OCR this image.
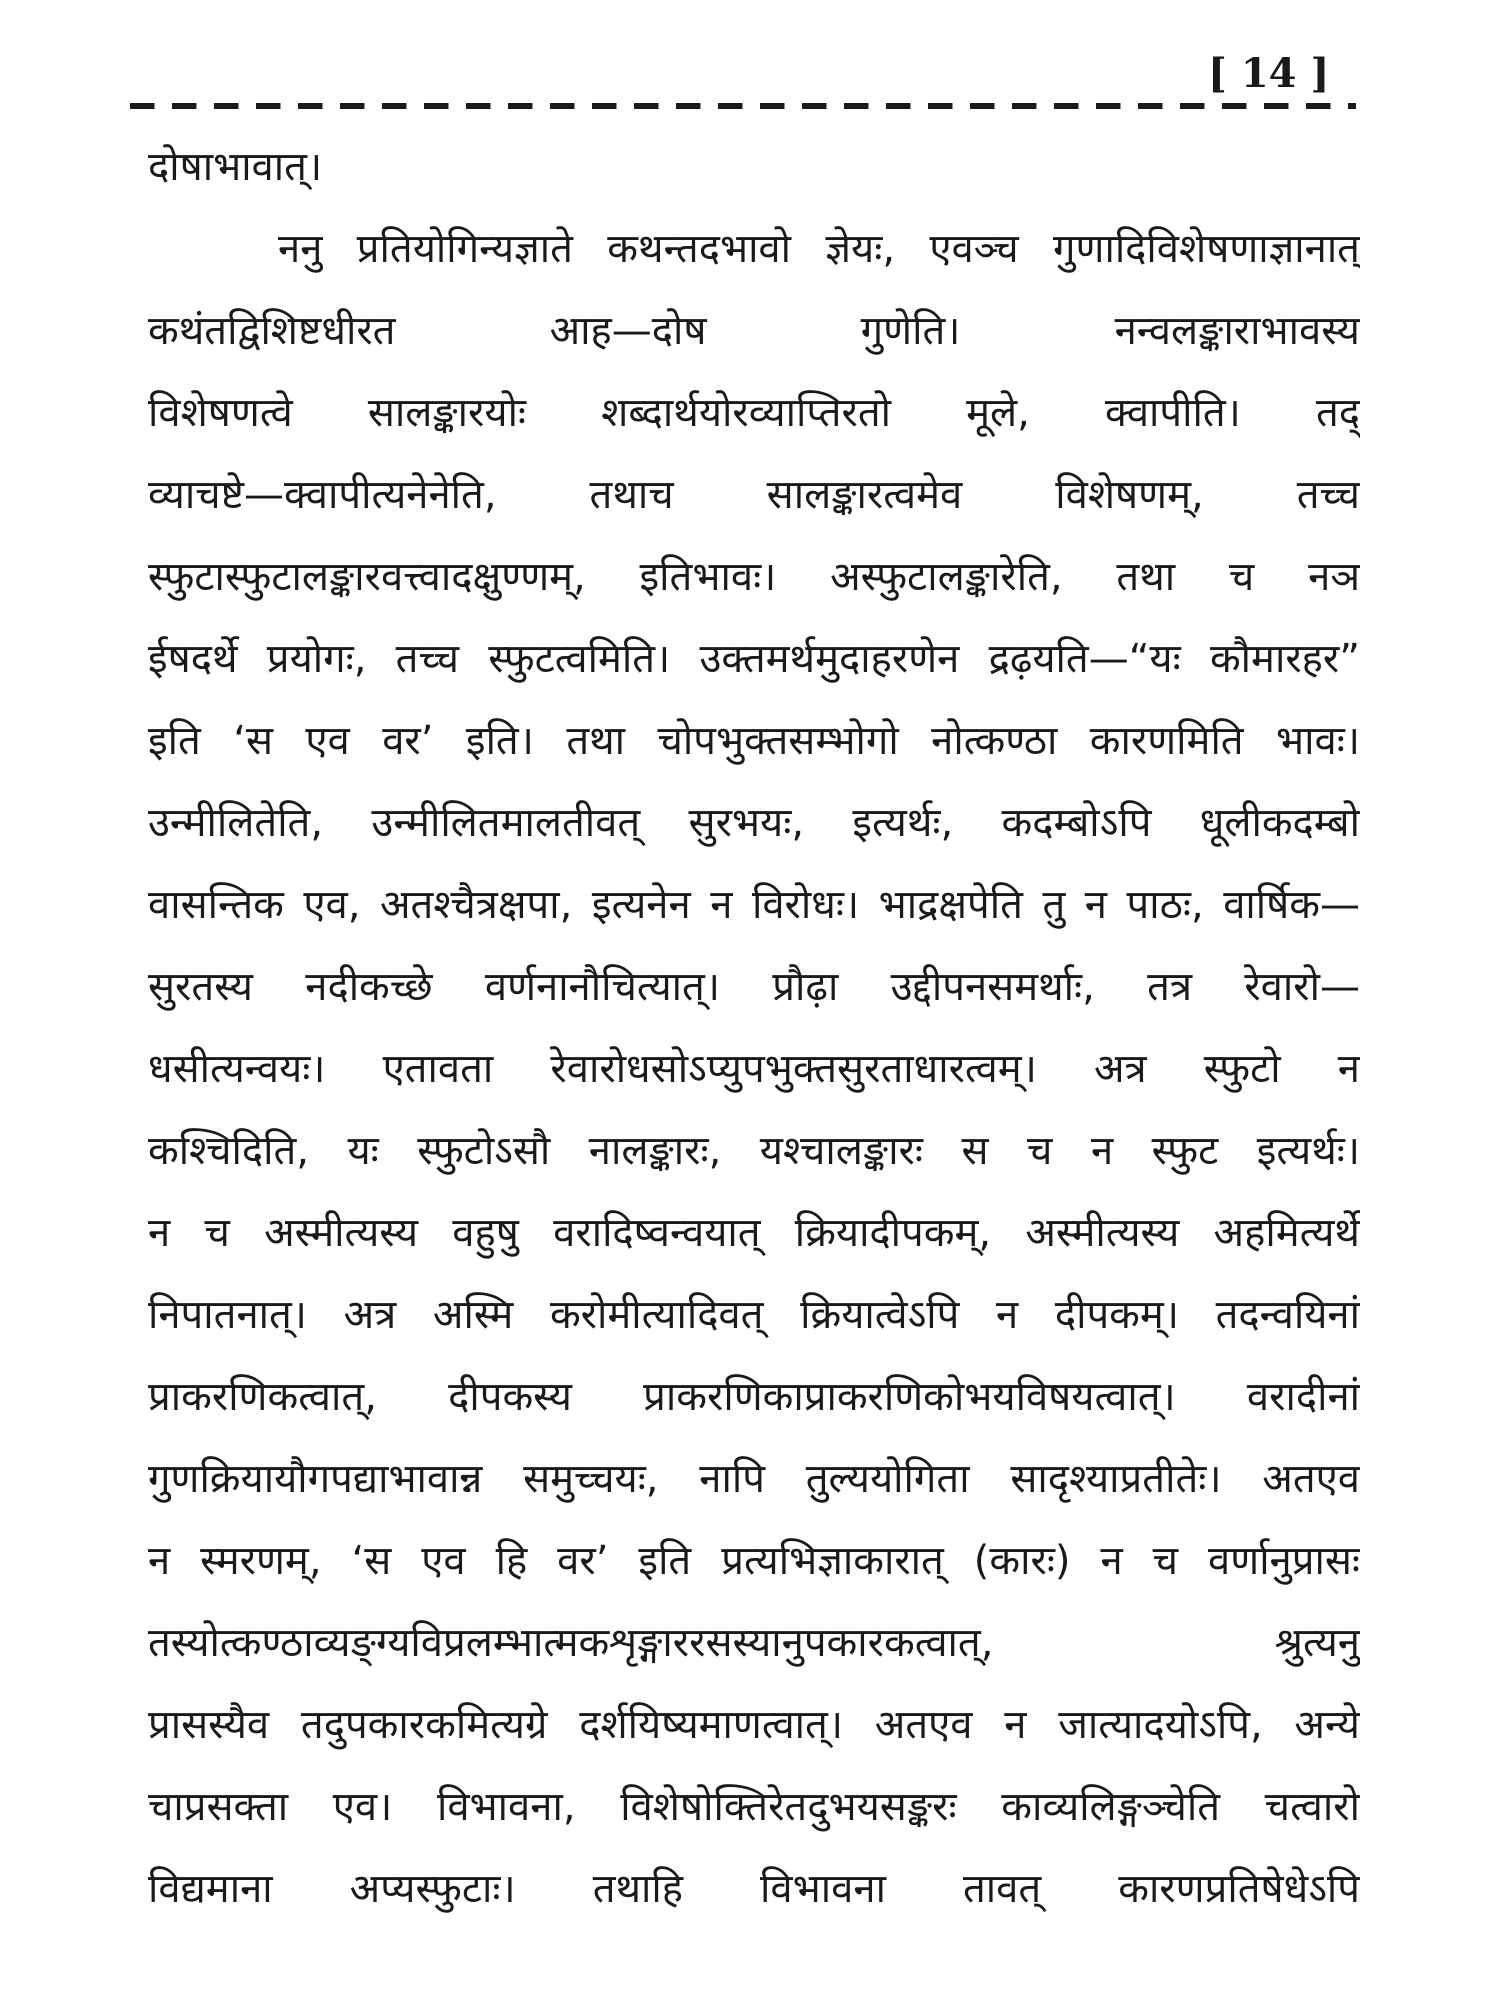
[ 14 ]
दोषाभावात्।
ननु प्रतियोगिन्यज्ञाते कथन्तदभावो ज्ञेयः, एवञ्च गुणादिविशेषणाज्ञानात्
कथंतद्विशिष्टधीरत आह—दोष गुणेति। नन्वलङ्काराभावस्य
विशेषणत्वे सालङ्कारयोः शब्दार्थयोरव्याप्तिरतो मूले, क्वापीति। तद्
व्याचष्टे—क्वापीत्यनेनेति, तथाच सालङ्कारत्वमेव विशेषणम्, तच्च
स्फुटास्फुटालङ्कारवत्त्वादक्षुण्णम्, इतिभावः। अस्फुटालङ्कारेति, तथा च नञ
ईषदर्थे प्रयोगः, तच्च स्फुटत्वमिति। उक्तमर्थमुदाहरणेन द्रढ़यति—“यः कौमारहर”
इति ‘स एव वर’ इति। तथा चोपभुक्तसम्भोगो नोत्कण्ठा कारणमिति भावः।
उन्मीलितेति, उन्मीलितमालतीवत् सुरभयः, इत्यर्थः, कदम्बोऽपि धूलीकदम्बो
वासन्तिक एव, अतश्चैत्रक्षपा, इत्यनेन न विरोधः। भाद्रक्षपेति तु न पाठः, वार्षिक—
सुरतस्य नदीकच्छे वर्णनानौचित्यात्। प्रौढ़ा उद्दीपनसमर्थाः, तत्र रेवारो—
धसीत्यन्वयः। एतावता रेवारोधसोऽप्युपभुक्तसुरताधारत्वम्। अत्र स्फुटो न
कश्चिदिति, यः स्फुटोऽसौ नालङ्कारः, यश्चालङ्कारः स च न स्फुट इत्यर्थः।
न च अस्मीत्यस्य वहुषु वरादिष्वन्वयात् क्रियादीपकम्, अस्मीत्यस्य अहमित्यर्थे
निपातनात्। अत्र अस्मि करोमीत्यादिवत् क्रियात्वेऽपि न दीपकम्। तदन्वयिनां
प्राकरणिकत्वात्, दीपकस्य प्राकरणिकाप्राकरणिकोभयविषयत्वात्। वरादीनां
गुणक्रियायौगपद्याभावान्न समुच्चयः, नापि तुल्ययोगिता सादृश्याप्रतीतेः। अतएव
न स्मरणम्, ‘स एव हि वर’ इति प्रत्यभिज्ञाकारात् (कारः) न च वर्णानुप्रासः
तस्योत्कण्ठाव्यङ्ग्यविप्रलम्भात्मकशृङ्गाररसस्यानुपकारकत्वात्, श्रुत्यनु
प्रासस्यैव तदुपकारकमित्यग्रे दर्शयिष्यमाणत्वात्। अतएव न जात्यादयोऽपि, अन्ये
चाप्रसक्ता एव। विभावना, विशेषोक्तिरेतदुभयसङ्करः काव्यलिङ्गञ्चेति चत्वारो
विद्यमाना अप्यस्फुटाः। तथाहि विभावना तावत् कारणप्रतिषेधेऽपि
